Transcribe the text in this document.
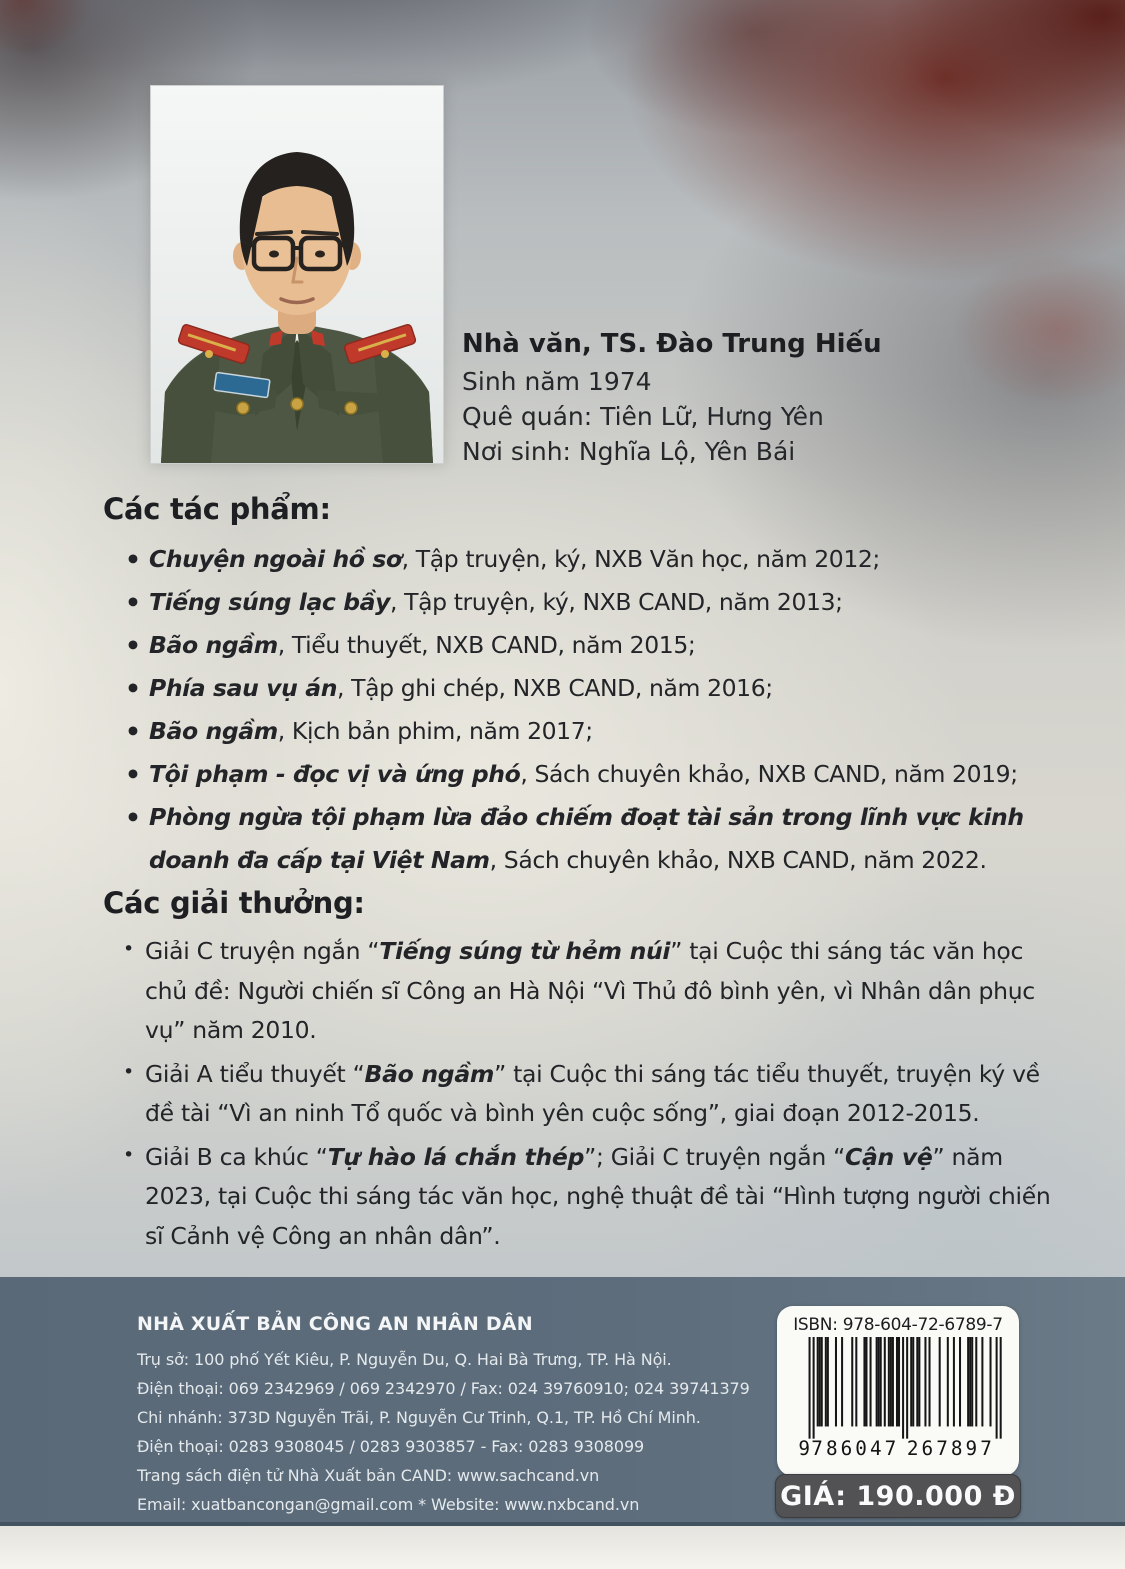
Nhà văn, TS. Đào Trung Hiếu
Sinh năm 1974
Quê quán: Tiên Lữ, Hưng Yên
Nơi sinh: Nghĩa Lộ, Yên Bái
Các tác phẩm:
• Chuyện ngoài hồ sơ, Tập truyện, ký, NXB Văn học, năm 2012;
• Tiếng súng lạc bầy, Tập truyện, ký, NXB CAND, năm 2013;
• Bão ngầm, Tiểu thuyết, NXB CAND, năm 2015;
• Phía sau vụ án, Tập ghi chép, NXB CAND, năm 2016;
• Bão ngầm, Kịch bản phim, năm 2017;
• Tội phạm - đọc vị và ứng phó, Sách chuyên khảo, NXB CAND, năm 2019;
• Phòng ngừa tội phạm lừa đảo chiếm đoạt tài sản trong lĩnh vực kinh doanh đa cấp tại Việt Nam, Sách chuyên khảo, NXB CAND, năm 2022.
Các giải thưởng:
• Giải C truyện ngắn “Tiếng súng từ hẻm núi” tại Cuộc thi sáng tác văn học chủ đề: Người chiến sĩ Công an Hà Nội “Vì Thủ đô bình yên, vì Nhân dân phục vụ” năm 2010.
• Giải A tiểu thuyết “Bão ngầm” tại Cuộc thi sáng tác tiểu thuyết, truyện ký về đề tài “Vì an ninh Tổ quốc và bình yên cuộc sống”, giai đoạn 2012-2015.
• Giải B ca khúc “Tự hào lá chắn thép”; Giải C truyện ngắn “Cận vệ” năm 2023, tại Cuộc thi sáng tác văn học, nghệ thuật đề tài “Hình tượng người chiến sĩ Cảnh vệ Công an nhân dân”.
NHÀ XUẤT BẢN CÔNG AN NHÂN DÂN
Trụ sở: 100 phố Yết Kiêu, P. Nguyễn Du, Q. Hai Bà Trưng, TP. Hà Nội.
Điện thoại: 069 2342969 / 069 2342970 / Fax: 024 39760910; 024 39741379
Chi nhánh: 373D Nguyễn Trãi, P. Nguyễn Cư Trinh, Q.1, TP. Hồ Chí Minh.
Điện thoại: 0283 9308045 / 0283 9303857 - Fax: 0283 9308099
Trang sách điện tử Nhà Xuất bản CAND: www.sachcand.vn
Email: xuatbancongan@gmail.com * Website: www.nxbcand.vn
ISBN: 978-604-72-6789-7
9
786047 267897
GIÁ: 190.000 Đ
